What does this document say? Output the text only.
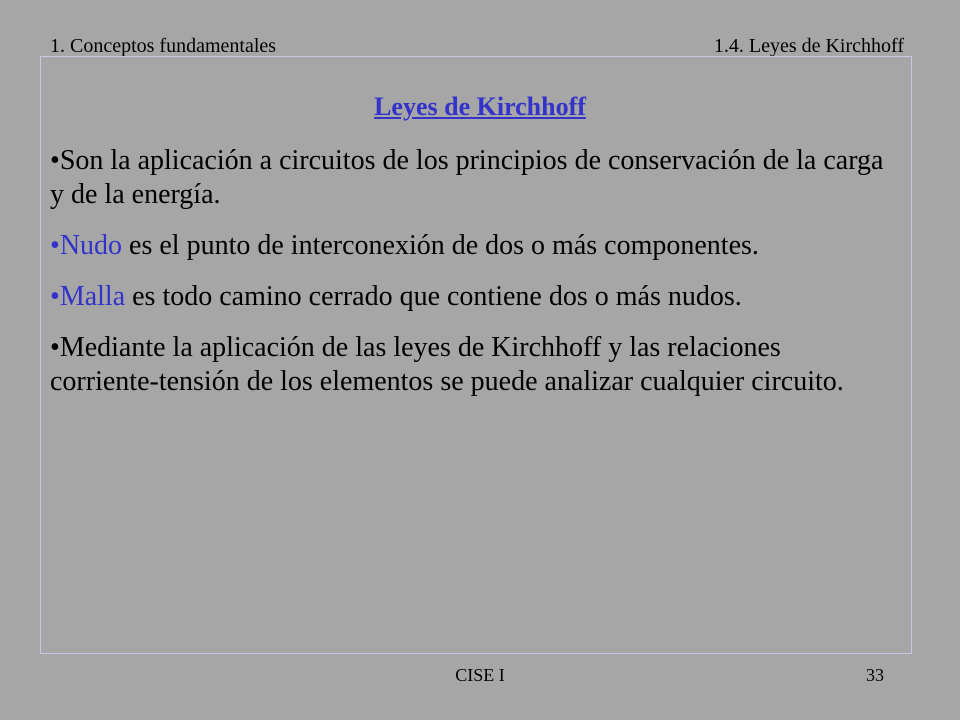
1. Conceptos fundamentales	1.4. Leyes de Kirchhoff
Leyes de Kirchhoff
•Son la aplicación a circuitos de los principios de conservación de la carga y de la energía.
•Nudo es el punto de interconexión de dos o más componentes.
•Malla es todo camino cerrado que contiene dos o más nudos.
•Mediante la aplicación de las leyes de Kirchhoff y las relaciones corriente-tensión de los elementos se puede analizar cualquier circuito.
CISE I	33
